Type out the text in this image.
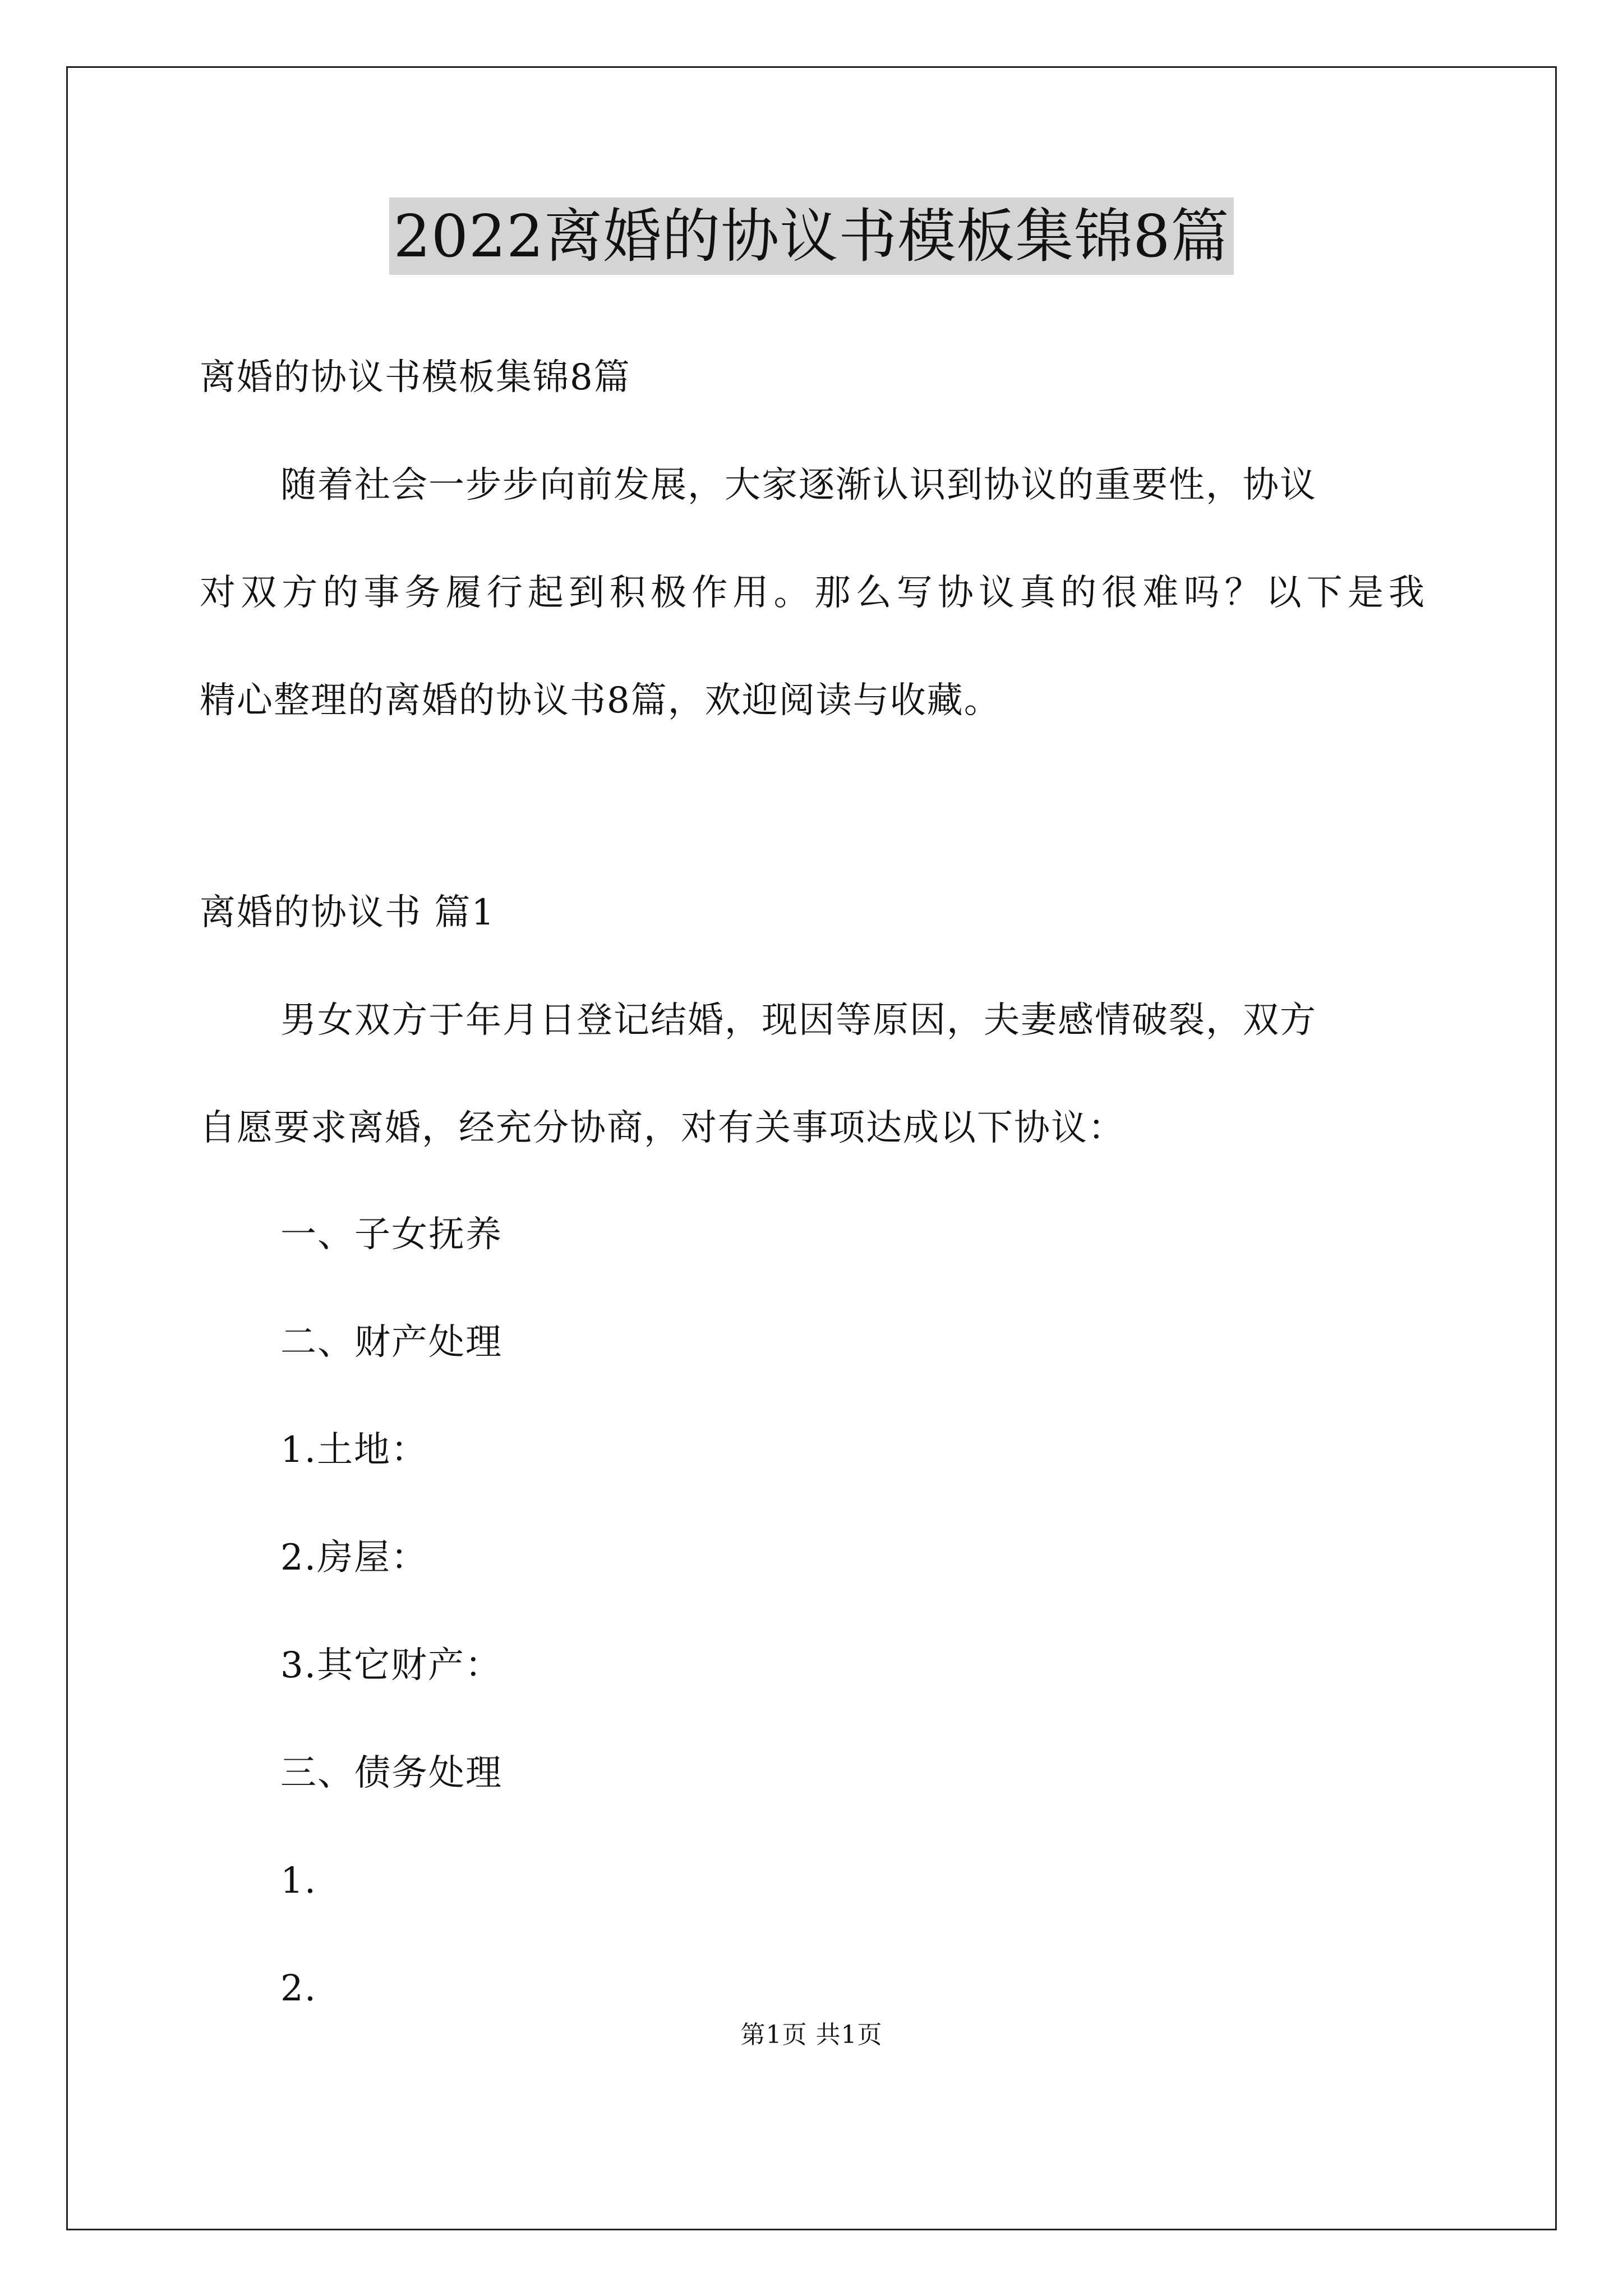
2022离婚的协议书模板集锦8篇
离婚的协议书模板集锦8篇
随着社会一步步向前发展，大家逐渐认识到协议的重要性，协议
对双方的事务履行起到积极作用。那么写协议真的很难吗？以下是我
精心整理的离婚的协议书8篇，欢迎阅读与收藏。
离婚的协议书 篇1
男女双方于年月日登记结婚，现因等原因，夫妻感情破裂，双方
自愿要求离婚，经充分协商，对有关事项达成以下协议：
一、子女抚养
二、财产处理
1.土地：
2.房屋：
3.其它财产：
三、债务处理
1.
2.
第1页 共1页
